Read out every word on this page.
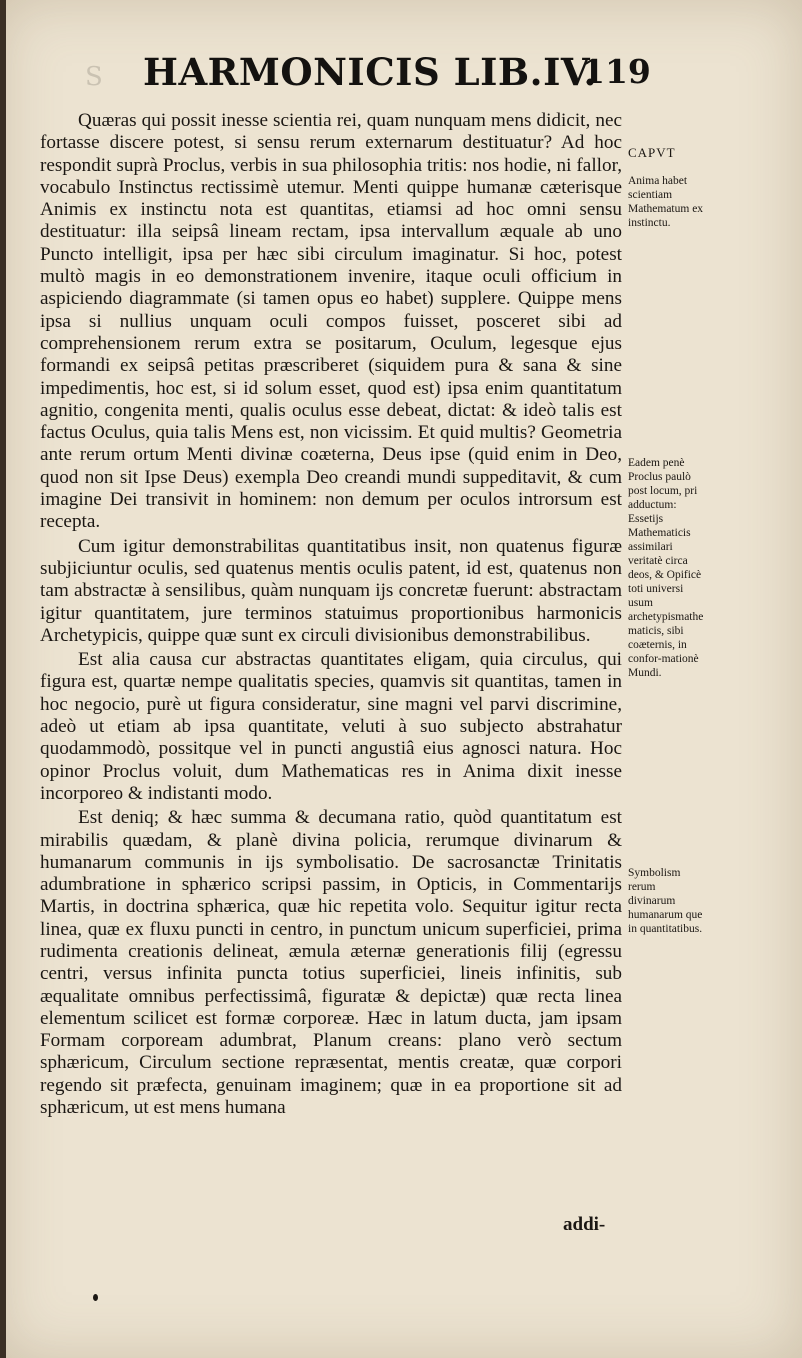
S HARMONICIS LIB.IV.
119

Quæras qui possit inesse scientia rei, quam nunquam mens didicit, nec fortasse discere potest, si sensu rerum externarum destituatur? Ad hoc respondit suprà Proclus, verbis in sua philosophia tritis: nos hodie, ni fallor, vocabulo Instinctus rectissimè utemur. Menti quippe humanæ cæterisque Animis ex instinctu nota est quantitas, etiamsi ad hoc omni sensu destituatur: illa seipsâ lineam rectam, ipsa intervallum æquale ab uno Puncto intelligit, ipsa per hæc sibi circulum imaginatur. Si hoc, potest multò magis in eo demonstrationem invenire, itaque oculi officium in aspiciendo diagrammate (si tamen opus eo habet) supplere. Quippe mens ipsa si nullius unquam oculi compos fuisset, posceret sibi ad comprehensionem rerum extra se positarum, Oculum, legesque ejus formandi ex seipsâ petitas præscriberet (siquidem pura & sana & sine impedimentis, hoc est, si id solum esset, quod est) ipsa enim quantitatum agnitio, congenita menti, qualis oculus esse debeat, dictat: & ideò talis est factus Oculus, quia talis Mens est, non vicissim. Et quid multis? Geometria ante rerum ortum Menti divinæ coæterna, Deus ipse (quid enim in Deo, quod non sit Ipse Deus) exempla Deo creandi mundi suppeditavit, & cum imagine Dei transivit in hominem: non demum per oculos introrsum est recepta.

Cum igitur demonstrabilitas quantitatibus insit, non quatenus figuræ subjiciuntur oculis, sed quatenus mentis oculis patent, id est, quatenus non tam abstractæ à sensilibus, quàm nunquam ijs concretæ fuerunt: abstractam igitur quantitatem, jure terminos statuimus proportionibus harmonicis Archetypicis, quippe quæ sunt ex circuli divisionibus demonstrabilibus.

Est alia causa cur abstractas quantitates eligam, quia circulus, qui figura est, quartæ nempe qualitatis species, quamvis sit quantitas, tamen in hoc negocio, purè ut figura consideratur, sine magni vel parvi discrimine, adeò ut etiam ab ipsa quantitate, veluti à suo subjecto abstrahatur quodammodò, possitque vel in puncti angustiâ eius agnosci natura. Hoc opinor Proclus voluit, dum Mathematicas res in Anima dixit inesse incorporeo & indistanti modo.

Est deniq; & hæc summa & decumana ratio, quòd quantitatum est mirabilis quædam, & planè divina policia, rerumque divinarum & humanarum communis in ijs symbolisatio. De sacrosanctæ Trinitatis adumbratione in sphærico scripsi passim, in Opticis, in Commentarijs Martis, in doctrina sphærica, quæ hic repetita volo. Sequitur igitur recta linea, quæ ex fluxu puncti in centro, in punctum unicum superficiei, prima rudimenta creationis delineat, æmula æternæ generationis filij (egressu centri, versus infinita puncta totius superficiei, lineis infinitis, sub æqualitate omnibus perfectissimâ, figuratæ & depictæ) quæ recta linea elementum scilicet est formæ corporeæ. Hæc in latum ducta, jam ipsam Formam corpoream adumbrat, Planum creans: plano verò sectum sphæricum, Circulum sectione repræsentat, mentis creatæ, quæ corpori regendo sit præfecta, genuinam imaginem; quæ in ea proportione sit ad sphæricum, ut est mens humana

addi-

CAPVT

Anima habet scientiam Mathematum ex instinctu.

Eadem penè Proclus paulò post locum, pri adductum: Essetijs Mathematicis assimilari veritatè circa deos, & Opificè toti universi usum archetypismathe maticis, sibi coæternis, in confor-mationè Mundi.

Symbolism rerum divinarum humanarum que in quantitatibus.
